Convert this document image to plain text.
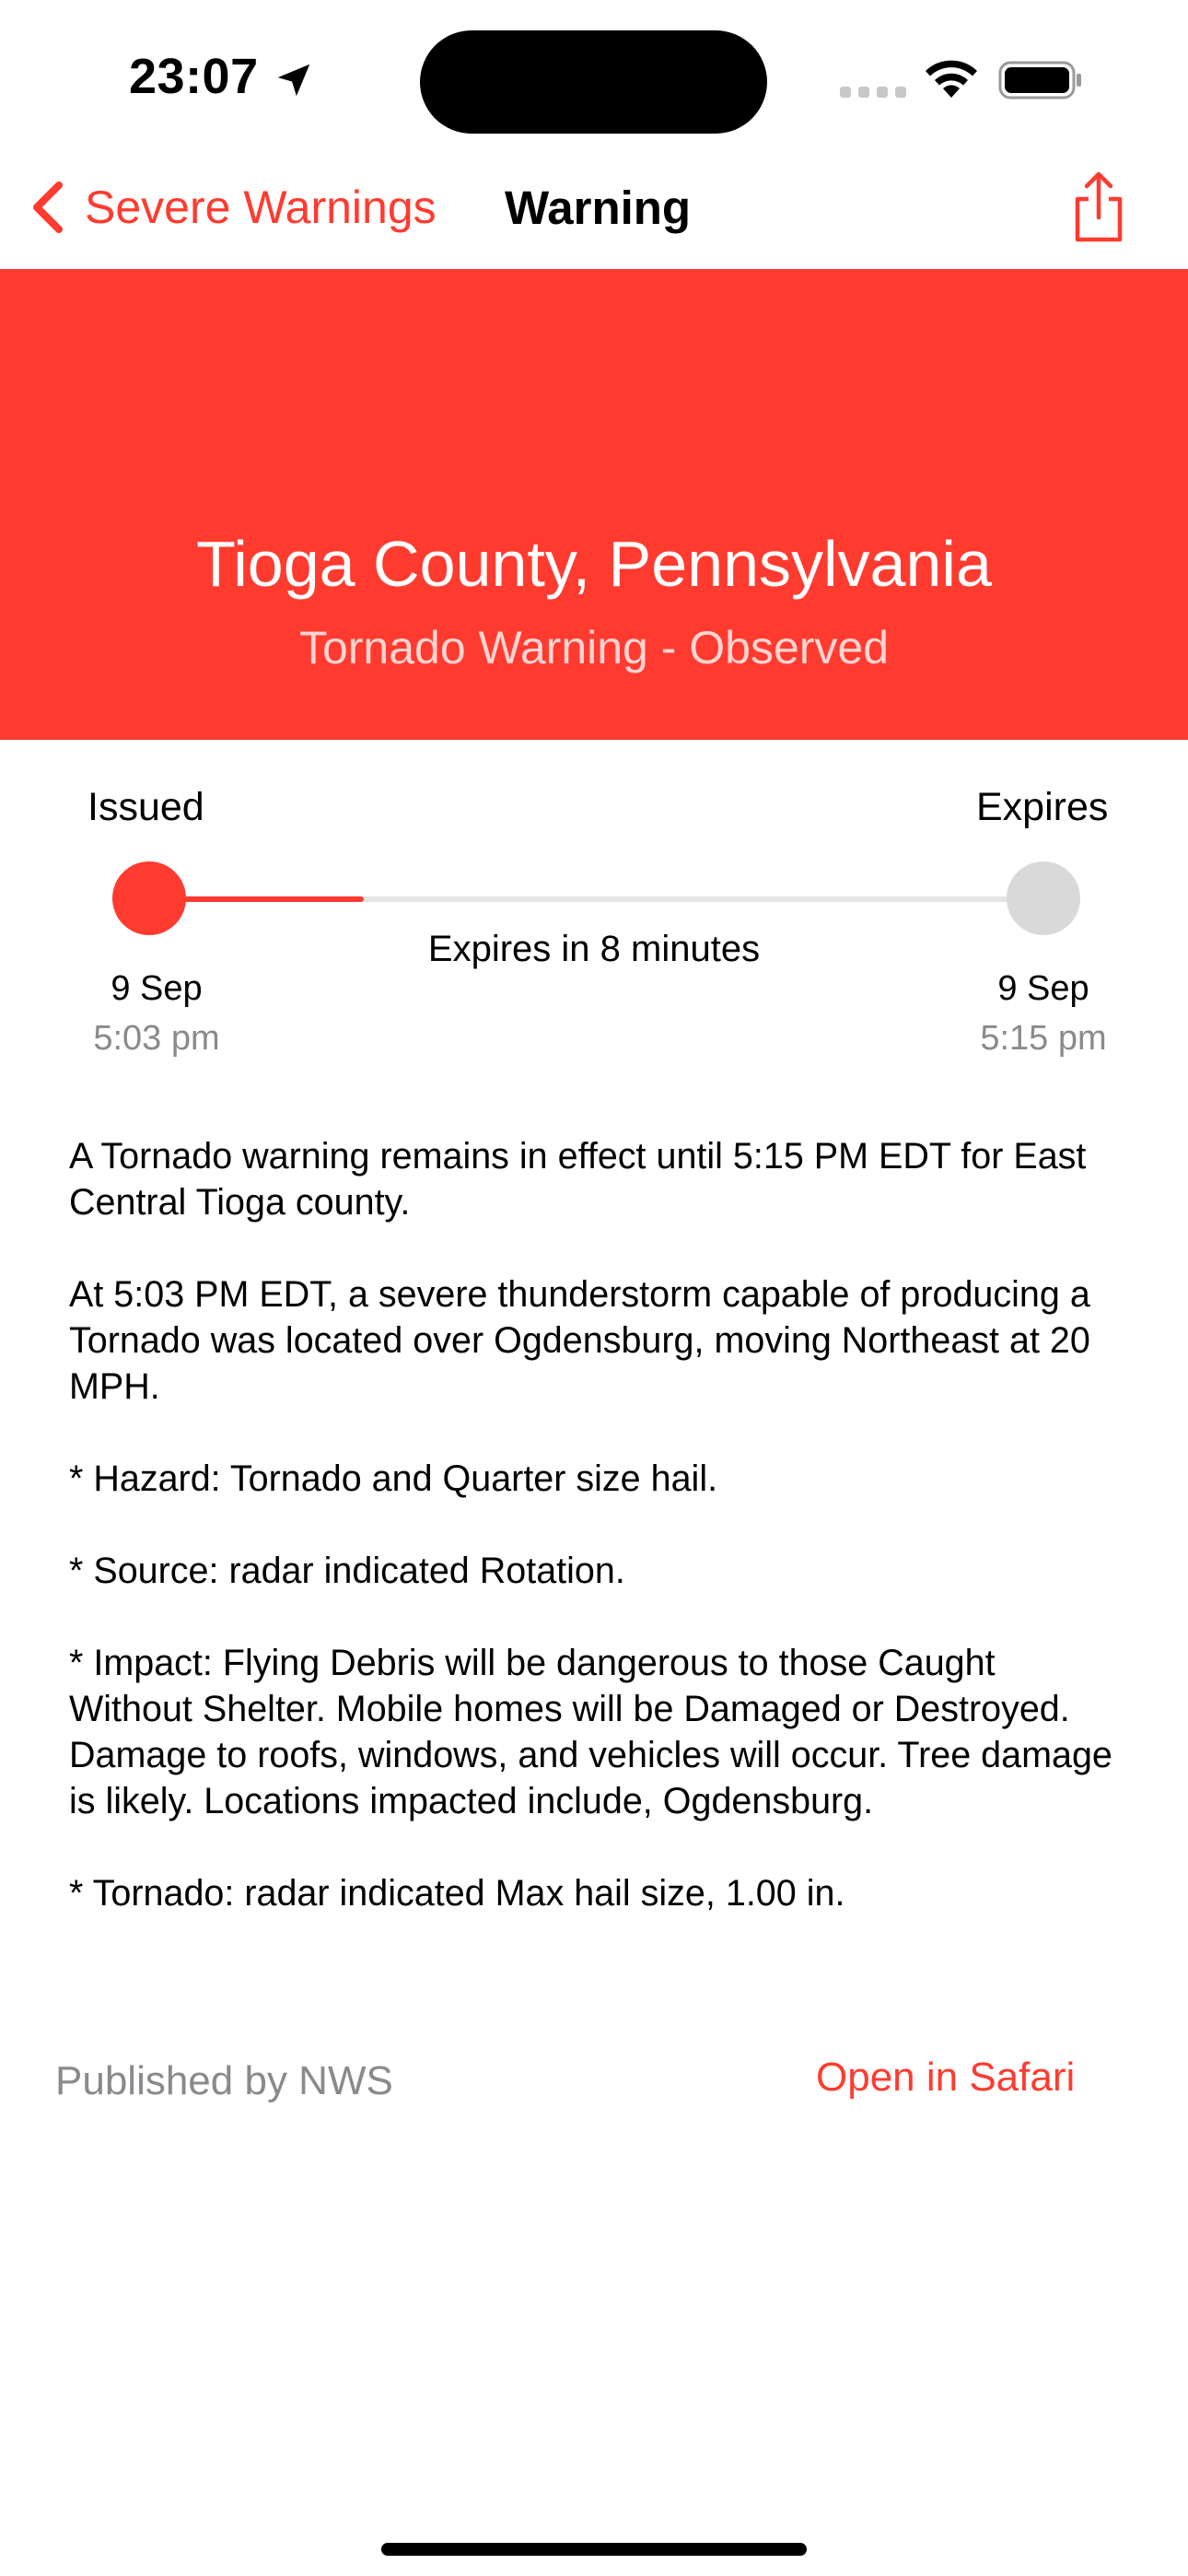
23:07
Severe Warnings Warning
Tioga County, Pennsylvania
Tornado Warning - Observed
Issued	Expires
Expires in 8 minutes
9 Sep
5:03 pm
9 Sep
5:15 pm

A Tornado warning remains in effect until 5:15 PM EDT for East Central Tioga county.

At 5:03 PM EDT, a severe thunderstorm capable of producing a Tornado was located over Ogdensburg, moving Northeast at 20 MPH.

* Hazard: Tornado and Quarter size hail.

* Source: radar indicated Rotation.

* Impact: Flying Debris will be dangerous to those Caught Without Shelter. Mobile homes will be Damaged or Destroyed. Damage to roofs, windows, and vehicles will occur. Tree damage is likely. Locations impacted include, Ogdensburg.

* Tornado: radar indicated Max hail size, 1.00 in.

Published by NWS	Open in Safari
